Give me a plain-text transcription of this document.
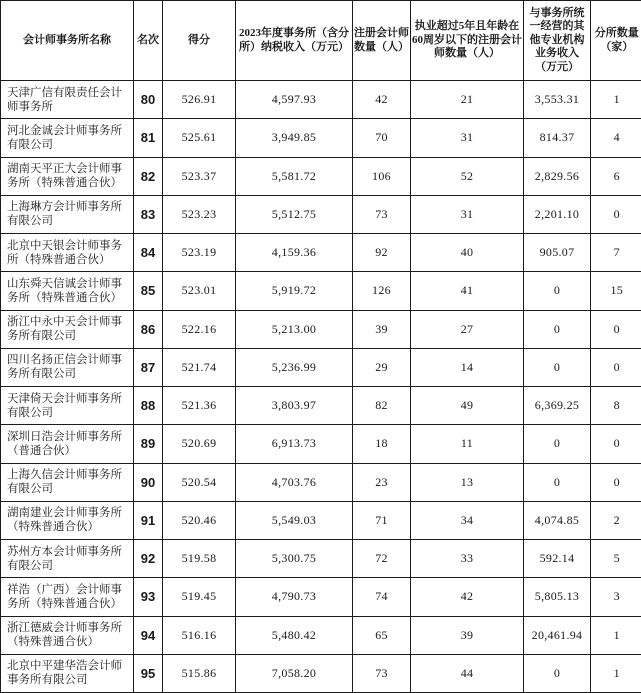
会计师事务所名称	名次	得分	2023年度事务所（含分所）纳税收入（万元）	注册会计师数量（人）	执业超过5年且年龄在60周岁以下的注册会计师数量（人）	与事务所统一经营的其他专业机构业务收入（万元）	分所数量（家）
天津广信有限责任会计师事务所	80	526.91	4,597.93	42	21	3,553.31	1
河北金诚会计师事务所有限公司	81	525.61	3,949.85	70	31	814.37	4
湖南天平正大会计师事务所（特殊普通合伙）	82	523.37	5,581.72	106	52	2,829.56	6
上海琳方会计师事务所有限公司	83	523.23	5,512.75	73	31	2,201.10	0
北京中天银会计师事务所（特殊普通合伙）	84	523.19	4,159.36	92	40	905.07	7
山东舜天信诚会计师事务所（特殊普通合伙）	85	523.01	5,919.72	126	41	0	15
浙江中永中天会计师事务所有限公司	86	522.16	5,213.00	39	27	0	0
四川名扬正信会计师事务所有限公司	87	521.74	5,236.99	29	14	0	0
天津倚天会计师事务所有限公司	88	521.36	3,803.97	82	49	6,369.25	8
深圳日浩会计师事务所（普通合伙）	89	520.69	6,913.73	18	11	0	0
上海久信会计师事务所有限公司	90	520.54	4,703.76	23	13	0	0
湖南建业会计师事务所（特殊普通合伙）	91	520.46	5,549.03	71	34	4,074.85	2
苏州方本会计师事务所有限公司	92	519.58	5,300.75	72	33	592.14	5
祥浩（广西）会计师事务所（特殊普通合伙）	93	519.45	4,790.73	74	42	5,805.13	3
浙江德威会计师事务所（特殊普通合伙）	94	516.16	5,480.42	65	39	20,461.94	1
北京中平建华浩会计师事务所有限公司	95	515.86	7,058.20	73	44	0	1
